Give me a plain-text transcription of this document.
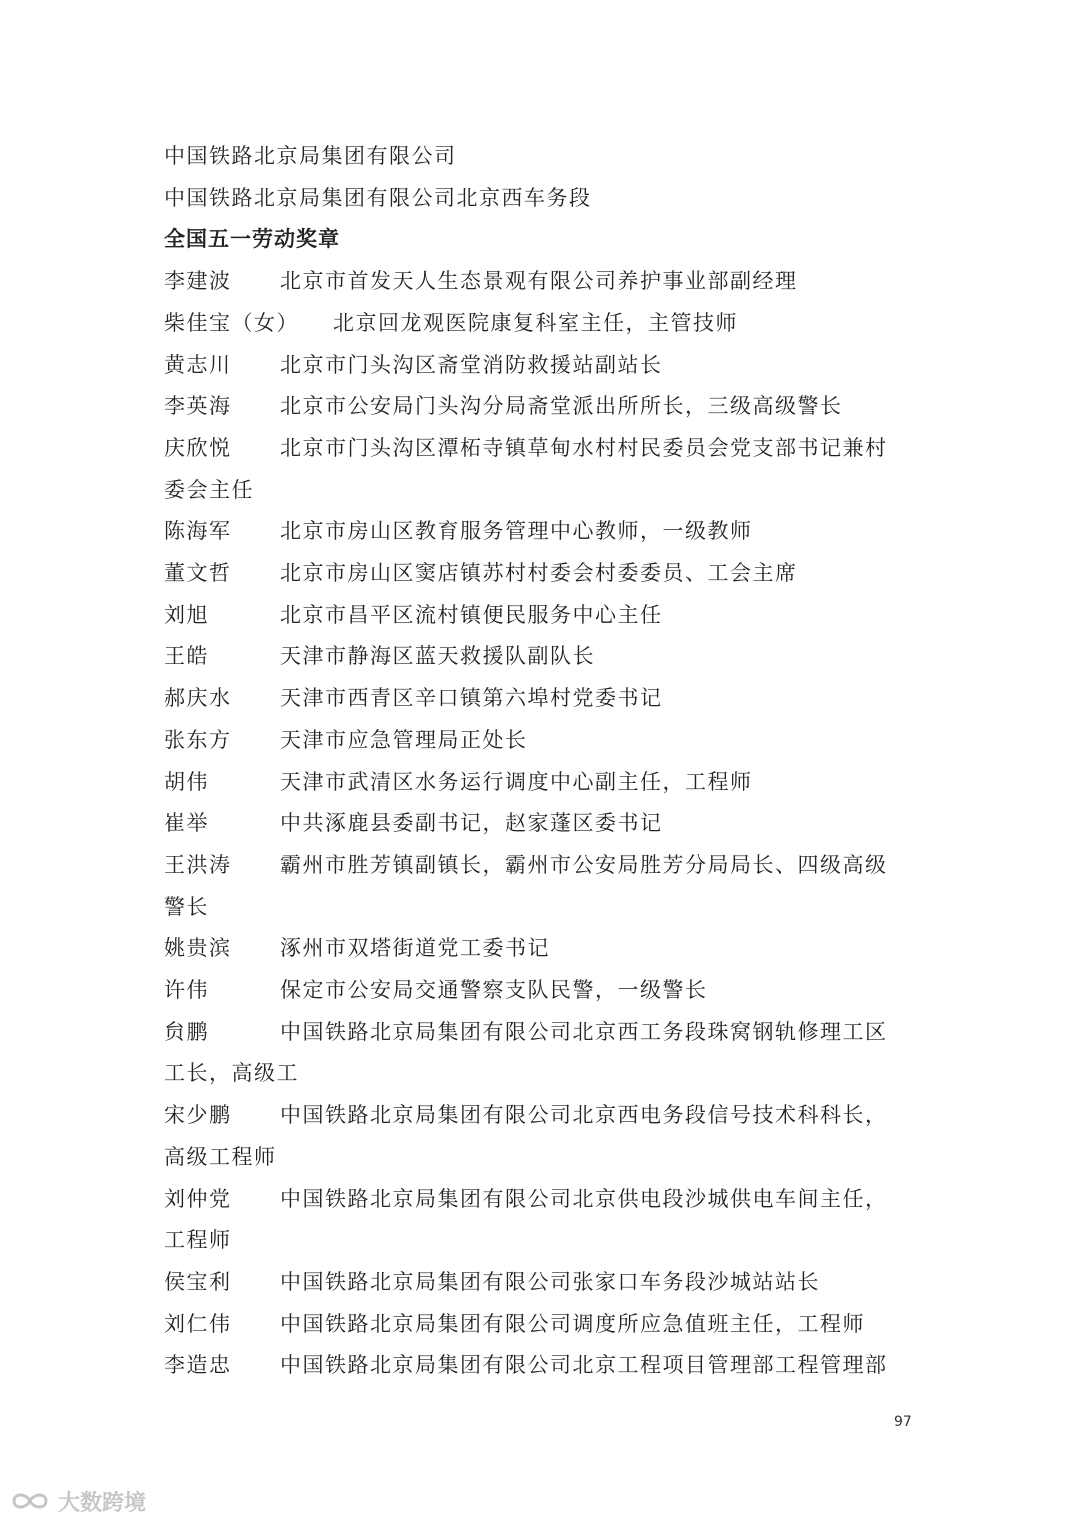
中国铁路北京局集团有限公司
中国铁路北京局集团有限公司北京西车务段
全国五一劳动奖章
李建波 北京市首发天人生态景观有限公司养护事业部副经理
柴佳宝（女） 北京回龙观医院康复科室主任，主管技师
黄志川 北京市门头沟区斋堂消防救援站副站长
李英海 北京市公安局门头沟分局斋堂派出所所长，三级高级警长
庆欣悦 北京市门头沟区潭柘寺镇草甸水村村民委员会党支部书记兼村
委会主任
陈海军 北京市房山区教育服务管理中心教师，一级教师
董文哲 北京市房山区窦店镇苏村村委会村委委员、工会主席
刘旭	北京市昌平区流村镇便民服务中心主任
王皓	天津市静海区蓝天救援队副队长
郝庆水 天津市西青区辛口镇第六埠村党委书记
张东方 天津市应急管理局正处长
胡伟	天津市武清区水务运行调度中心副主任，工程师
崔举	中共涿鹿县委副书记，赵家蓬区委书记
王洪涛 霸州市胜芳镇副镇长，霸州市公安局胜芳分局局长、四级高级
警长
姚贵滨 涿州市双塔街道党工委书记
许伟	保定市公安局交通警察支队民警，一级警长
贠鹏	中国铁路北京局集团有限公司北京西工务段珠窝钢轨修理工区
工长，高级工
宋少鹏 中国铁路北京局集团有限公司北京西电务段信号技术科科长，
高级工程师
刘仲党 中国铁路北京局集团有限公司北京供电段沙城供电车间主任，
工程师
侯宝利 中国铁路北京局集团有限公司张家口车务段沙城站站长
刘仁伟 中国铁路北京局集团有限公司调度所应急值班主任，工程师
李造忠 中国铁路北京局集团有限公司北京工程项目管理部工程管理部
97
大数跨境
